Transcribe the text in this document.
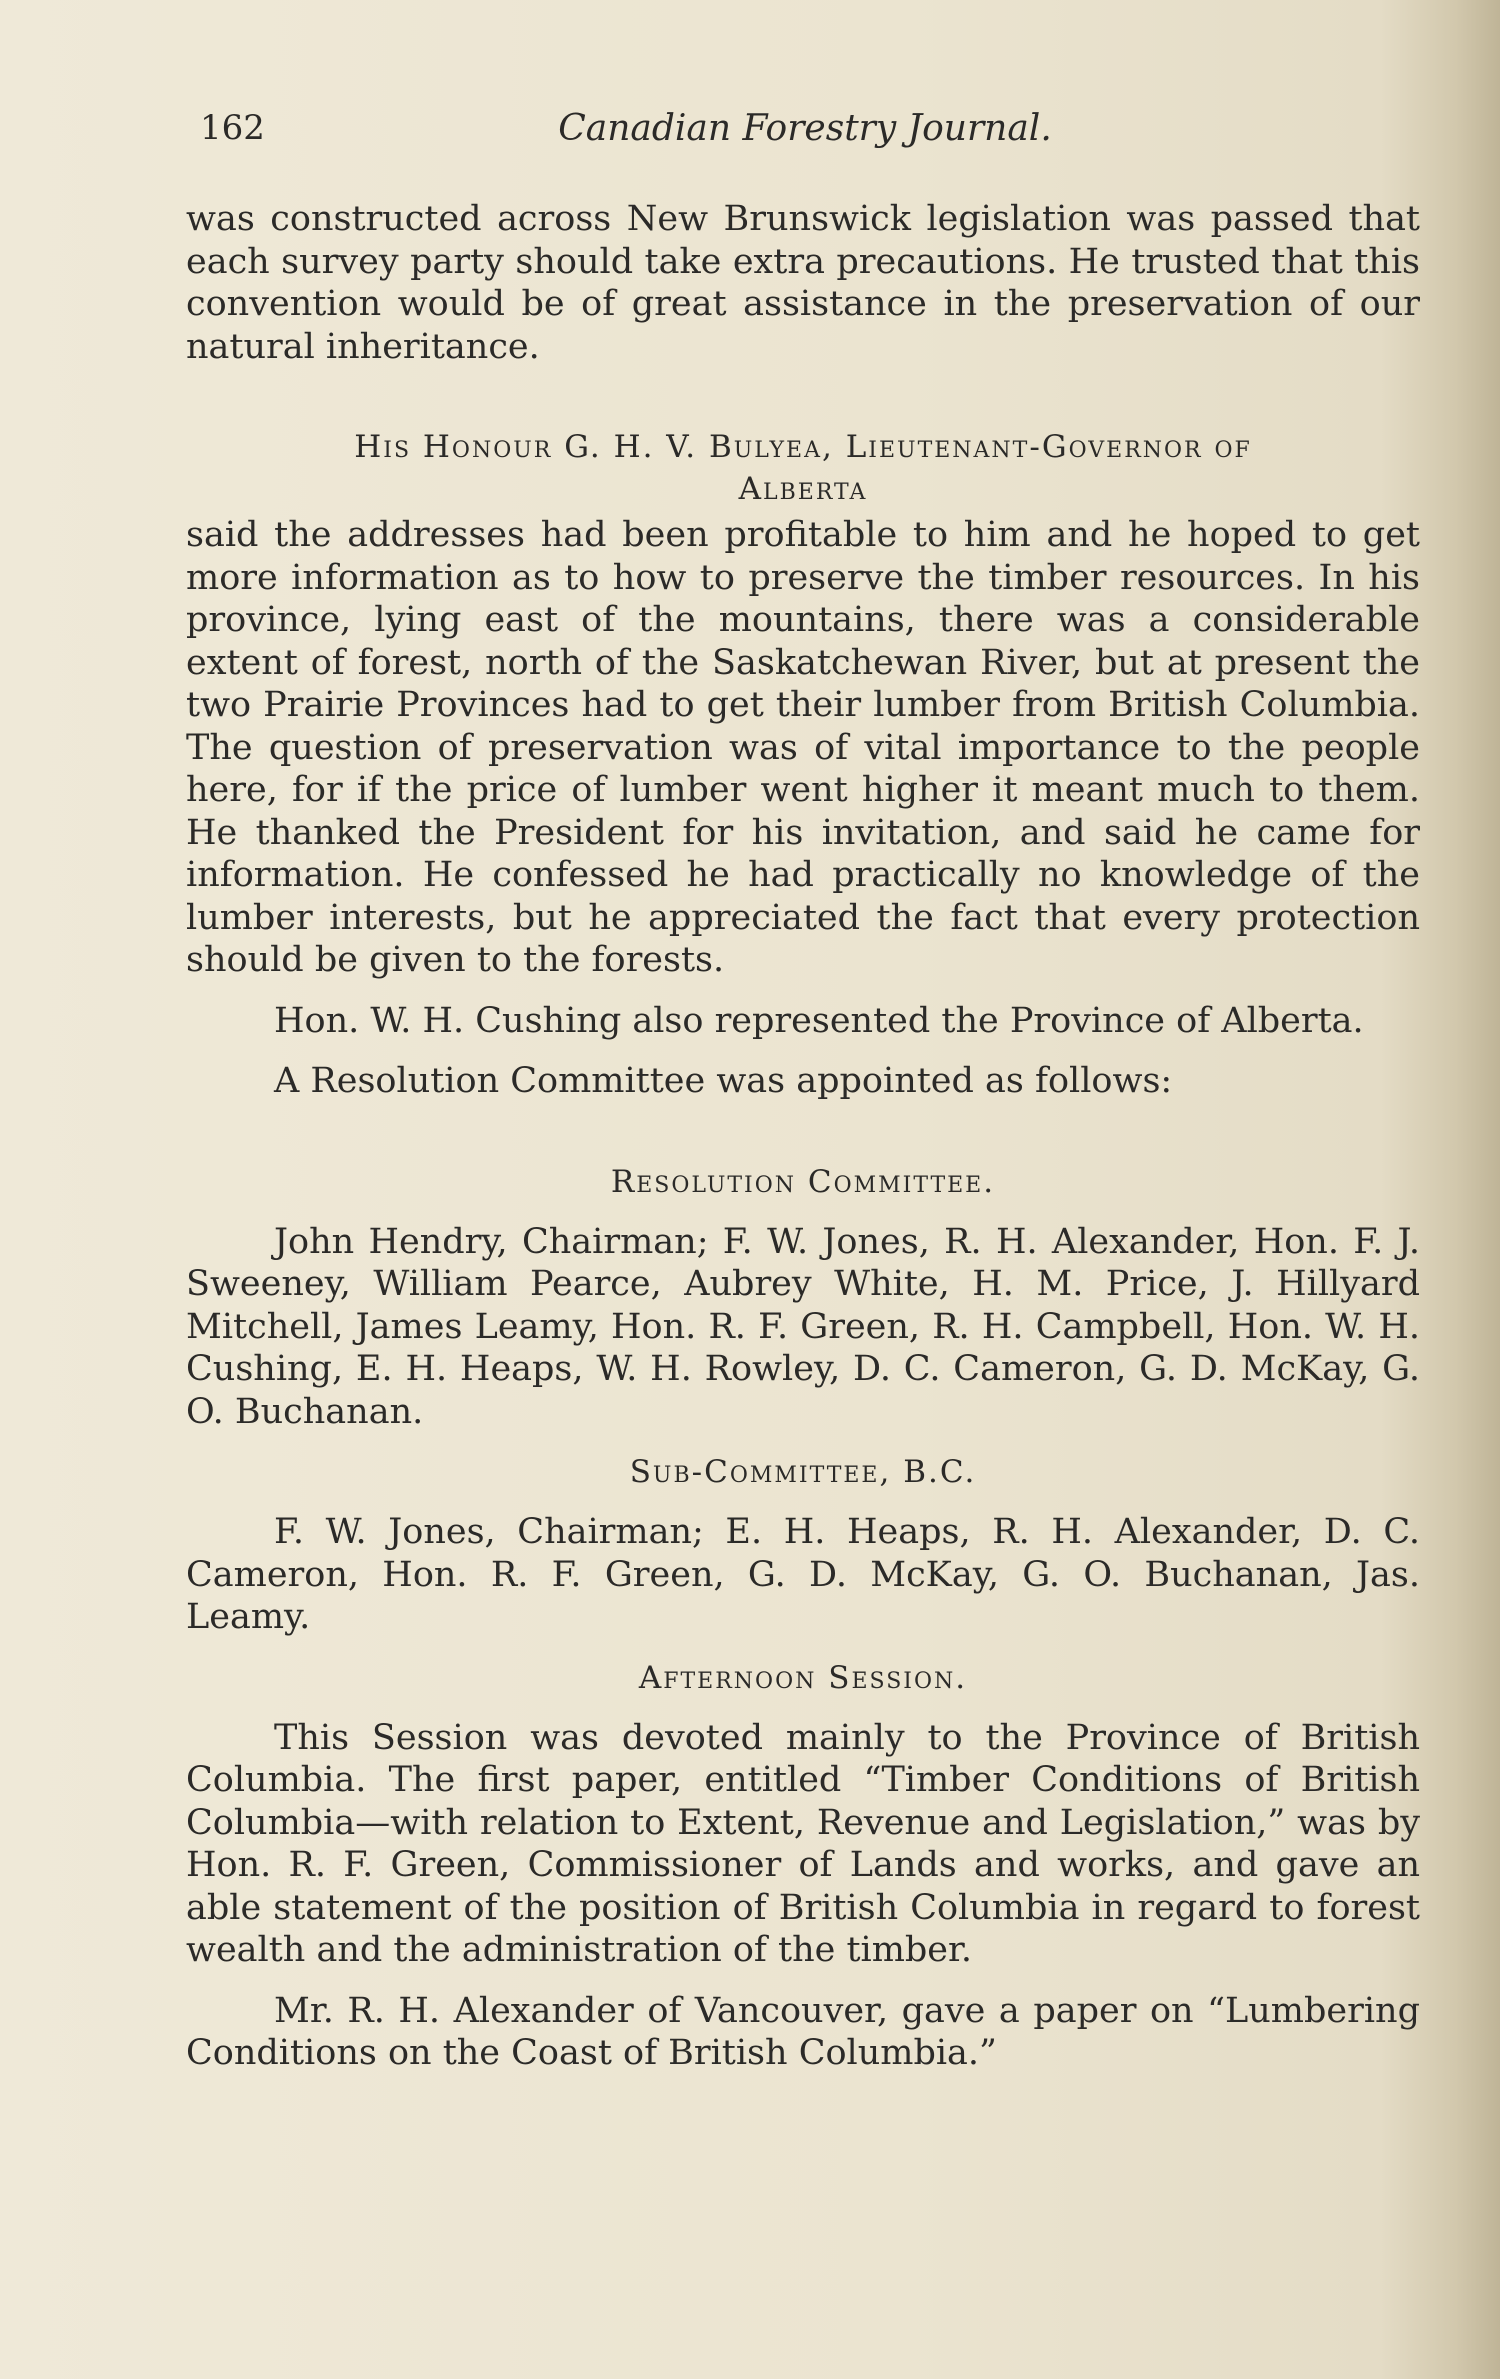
162	Canadian Forestry Journal.

was constructed across New Brunswick legislation was passed that each survey party should take extra precautions. He trusted that this convention would be of great assistance in the preservation of our natural inheritance.

His Honour G. H. V. Bulyea, Lieutenant-Governor of
Alberta

said the addresses had been profitable to him and he hoped to get more information as to how to preserve the timber resources. In his province, lying east of the mountains, there was a considerable extent of forest, north of the Saskatchewan River, but at present the two Prairie Provinces had to get their lumber from British Columbia. The question of preservation was of vital importance to the people here, for if the price of lumber went higher it meant much to them. He thanked the President for his invitation, and said he came for information. He confessed he had practically no knowledge of the lumber interests, but he appreciated the fact that every protection should be given to the forests.

Hon. W. H. Cushing also represented the Province of Alberta.

A Resolution Committee was appointed as follows:

Resolution Committee.

John Hendry, Chairman; F. W. Jones, R. H. Alexander, Hon. F. J. Sweeney, William Pearce, Aubrey White, H. M. Price, J. Hillyard Mitchell, James Leamy, Hon. R. F. Green, R. H. Campbell, Hon. W. H. Cushing, E. H. Heaps, W. H. Rowley, D. C. Cameron, G. D. McKay, G. O. Buchanan.

Sub-Committee, B.C.

F. W. Jones, Chairman; E. H. Heaps, R. H. Alexander, D. C. Cameron, Hon. R. F. Green, G. D. McKay, G. O. Buchanan, Jas. Leamy.

Afternoon Session.

This Session was devoted mainly to the Province of British Columbia. The first paper, entitled “Timber Conditions of British Columbia—with relation to Extent, Revenue and Legislation,” was by Hon. R. F. Green, Commissioner of Lands and works, and gave an able statement of the position of British Columbia in regard to forest wealth and the administration of the timber.

Mr. R. H. Alexander of Vancouver, gave a paper on “Lumbering Conditions on the Coast of British Columbia.”
